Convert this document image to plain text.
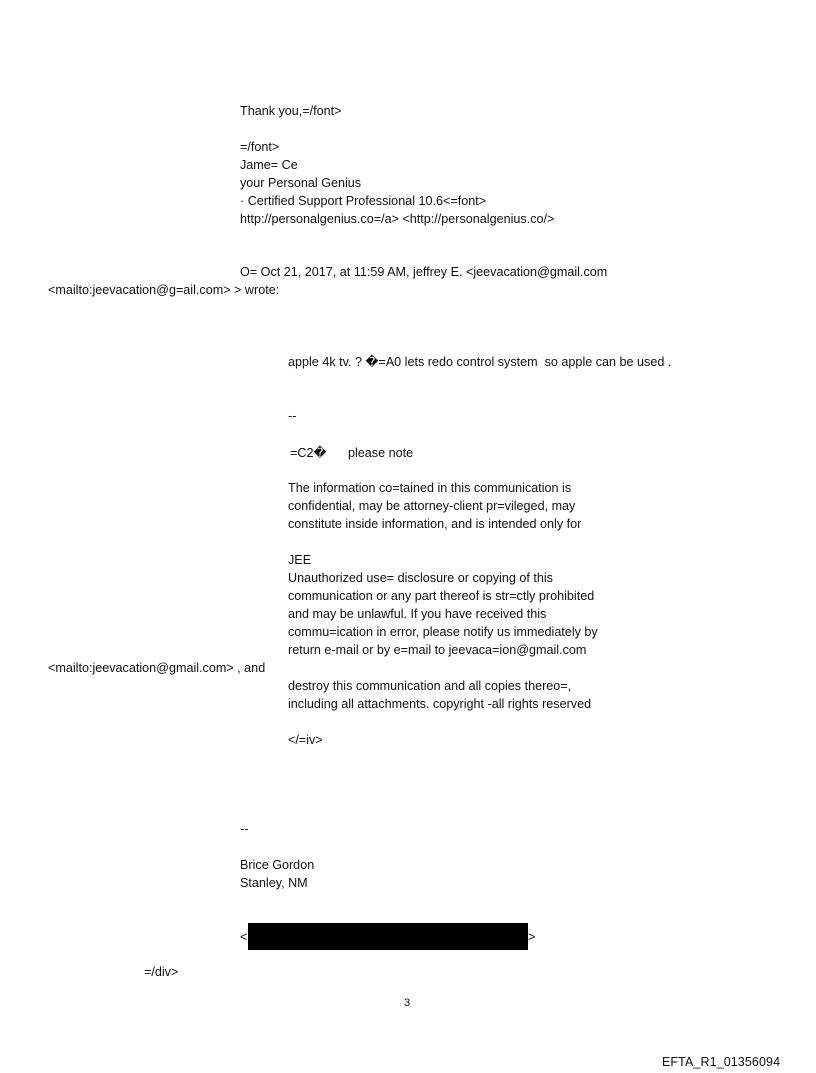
Thank you,=/font>
=/font>
Jame= Ce
your Personal Genius
· Certified Support Professional 10.6<=font>
http://personalgenius.co=/a> <http://personalgenius.co/>
O= Oct 21, 2017, at 11:59 AM, jeffrey E. <jeevacation@gmail.com
<mailto:jeevacation@g=ail.com> > wrote:
apple 4k tv. ? �=A0 lets redo control system  so apple can be used .
--
=C2� please note
The information co=tained in this communication is
confidential, may be attorney-client pr=vileged, may
constitute inside information, and is intended only for
JEE
Unauthorized use= disclosure or copying of this
communication or any part thereof is str=ctly prohibited
and may be unlawful. If you have received this
commu=ication in error, please notify us immediately by
return e-mail or by e=mail to jeevaca=ion@gmail.com
<mailto:jeevacation@gmail.com> , and
destroy this communication and all copies thereo=,
including all attachments. copyright -all rights reserved
</=iv>
--
Brice Gordon
Stanley, NM
<	>
=/div>
3
EFTA_R1_01356094
